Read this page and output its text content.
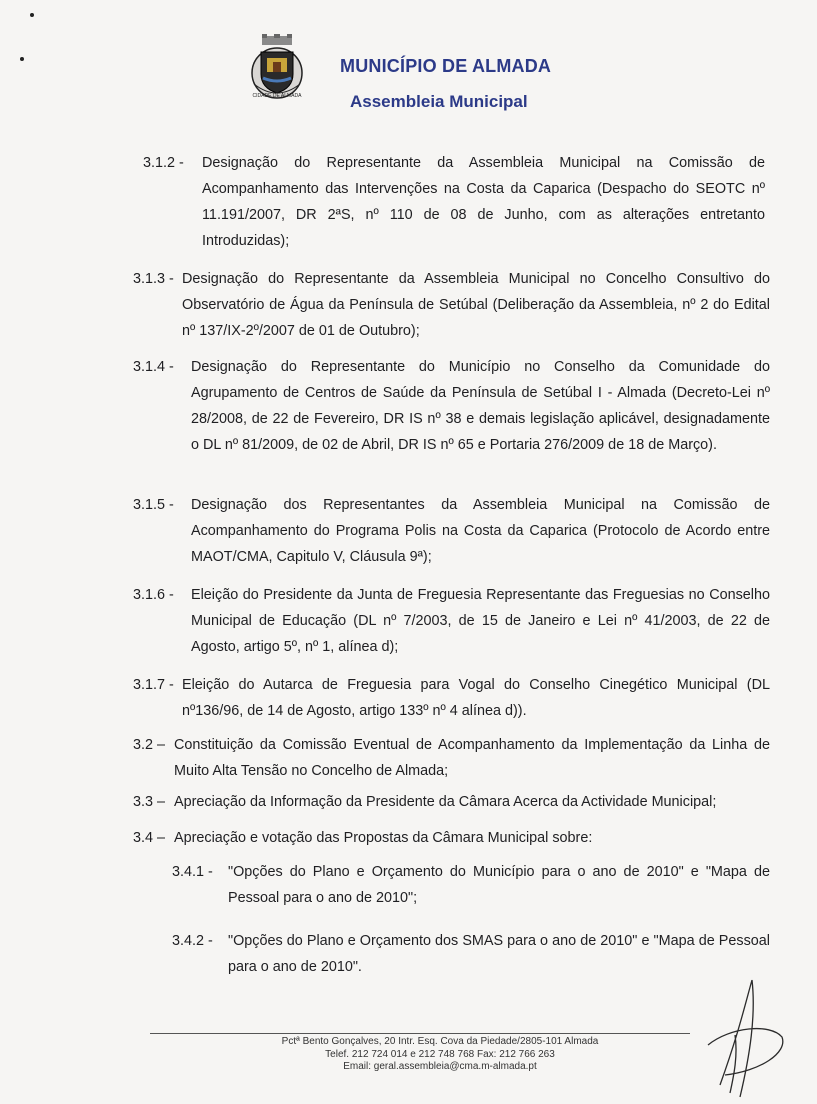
CIDADE DE ALMADA
MUNICÍPIO DE ALMADA
Assembleia Municipal
3.1.2 - Designação do Representante da Assembleia Municipal na Comissão de Acompanhamento das Intervenções na Costa da Caparica (Despacho do SEOTC nº 11.191/2007, DR 2ªS, nº 110 de 08 de Junho, com as alterações entretanto Introduzidas);

3.1.3 - Designação do Representante da Assembleia Municipal no Concelho Consultivo do Observatório de Água da Península de Setúbal (Deliberação da Assembleia, nº 2 do Edital nº 137/IX-2º/2007 de 01 de Outubro);

3.1.4 - Designação do Representante do Município no Conselho da Comunidade do Agrupamento de Centros de Saúde da Península de Setúbal I - Almada (Decreto-Lei nº 28/2008, de 22 de Fevereiro, DR IS nº 38 e demais legislação aplicável, designadamente o DL nº 81/2009, de 02 de Abril, DR IS nº 65 e Portaria 276/2009 de 18 de Março).

3.1.5 - Designação dos Representantes da Assembleia Municipal na Comissão de Acompanhamento do Programa Polis na Costa da Caparica (Protocolo de Acordo entre MAOT/CMA, Capitulo V, Cláusula 9ª);

3.1.6 - Eleição do Presidente da Junta de Freguesia Representante das Freguesias no Conselho Municipal de Educação (DL nº 7/2003, de 15 de Janeiro e Lei nº 41/2003, de 22 de Agosto, artigo 5º, nº 1, alínea d);

3.1.7 - Eleição do Autarca de Freguesia para Vogal do Conselho Cinegético Municipal (DL nº136/96, de 14 de Agosto, artigo 133º nº 4 alínea d)).

3.2 – Constituição da Comissão Eventual de Acompanhamento da Implementação da Linha de Muito Alta Tensão no Concelho de Almada;

3.3 – Apreciação da Informação da Presidente da Câmara Acerca da Actividade Municipal;

3.4 – Apreciação e votação das Propostas da Câmara Municipal sobre:

3.4.1 - "Opções do Plano e Orçamento do Município para o ano de 2010" e "Mapa de Pessoal para o ano de 2010";

3.4.2 - "Opções do Plano e Orçamento dos SMAS para o ano de 2010" e "Mapa de Pessoal para o ano de 2010".

Pctª Bento Gonçalves, 20 Intr. Esq. Cova da Piedade/2805-101 Almada
Telef. 212 724 014 e 212 748 768 Fax: 212 766 263
Email: geral.assembleia@cma.m-almada.pt
